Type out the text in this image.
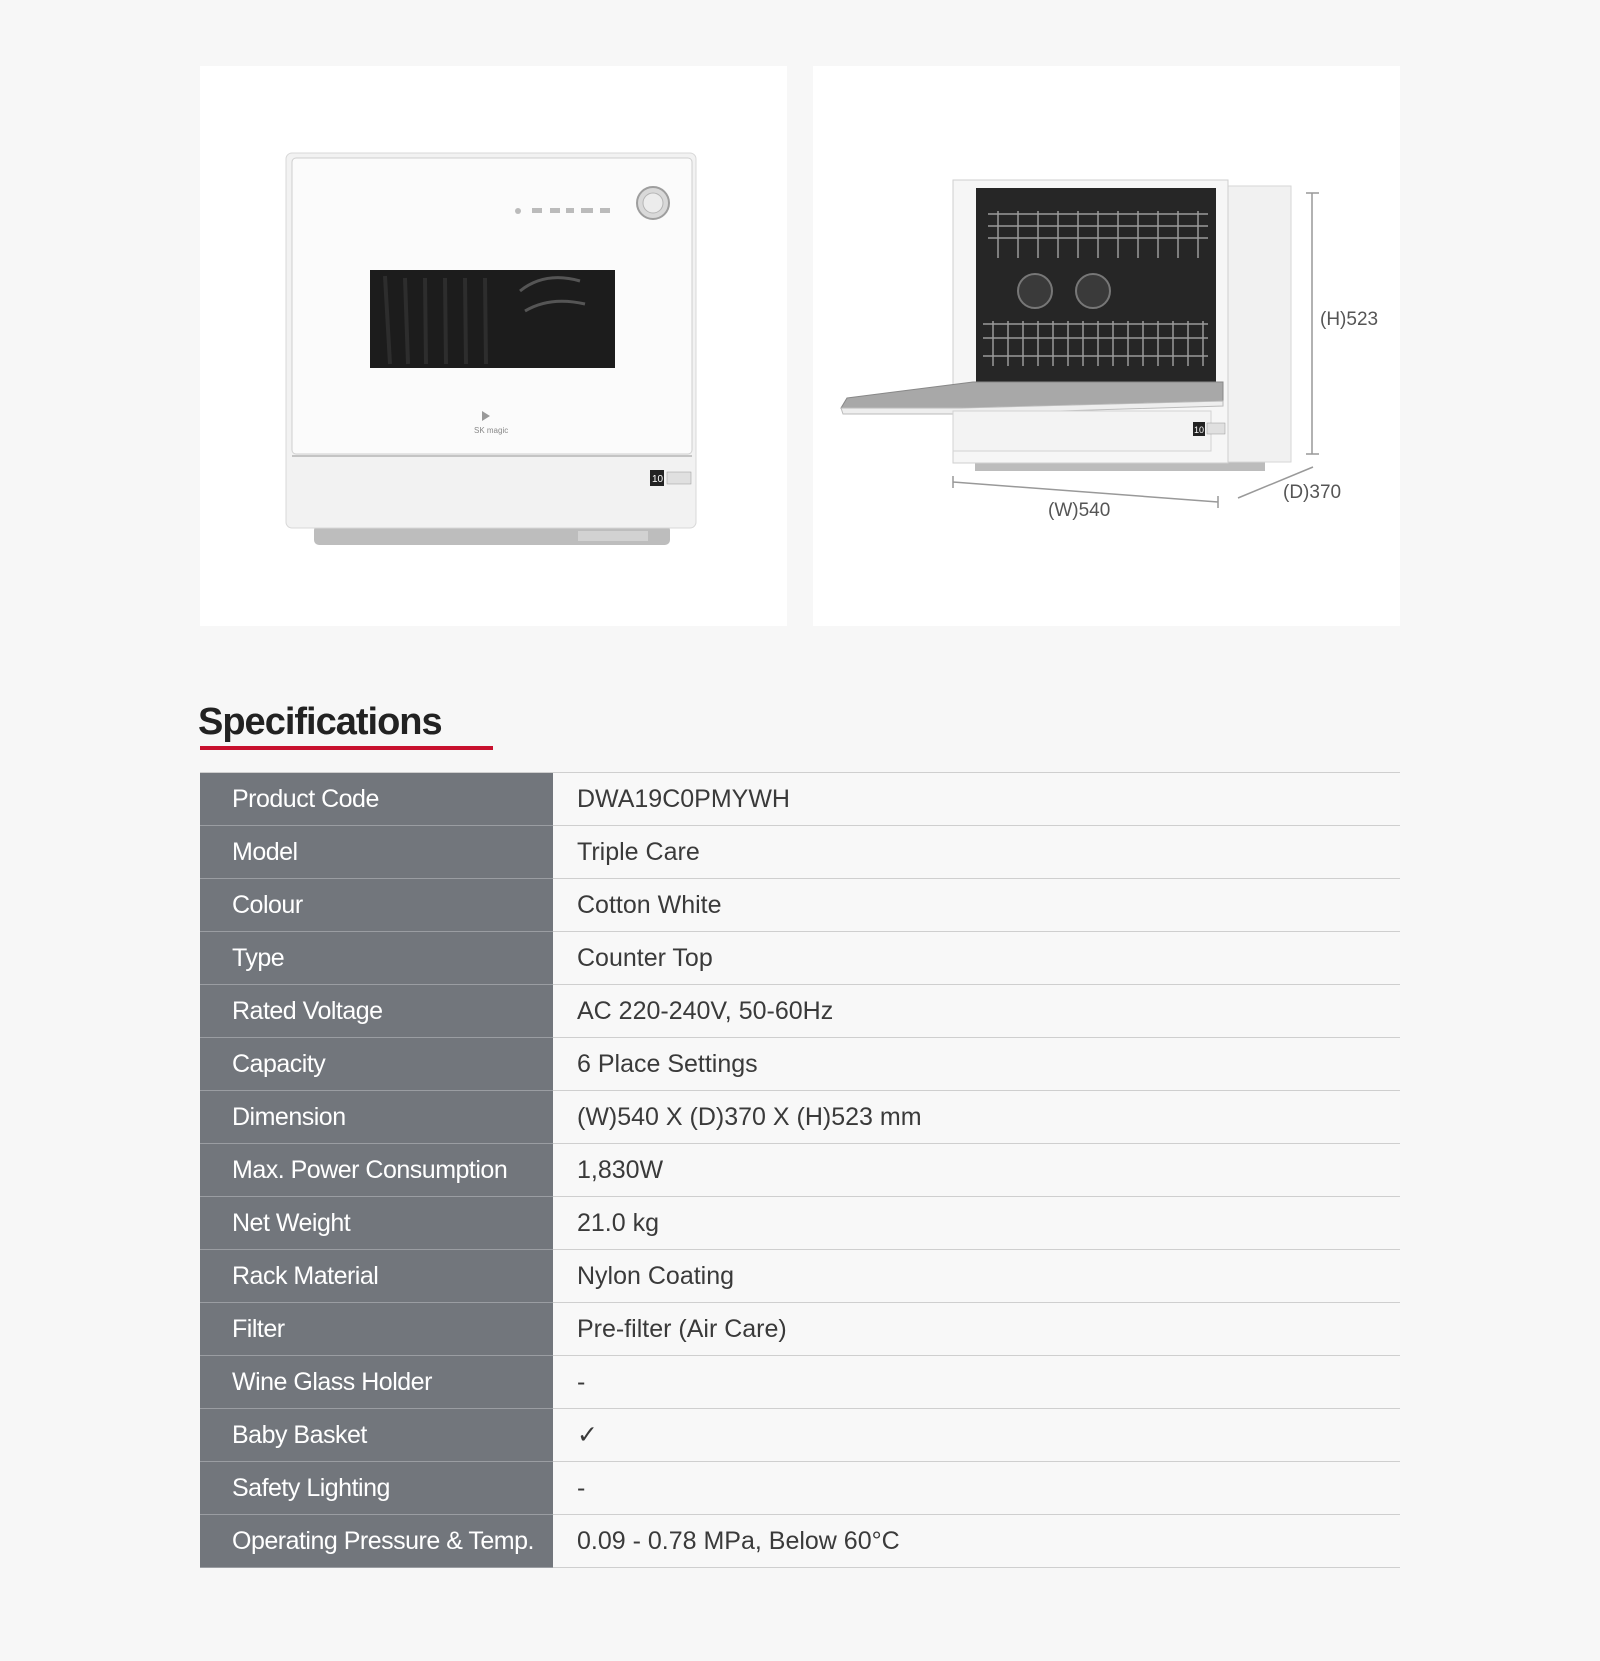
SK magic
10
10
(H)523
(W)540
(D)370
Specifications
Product Code	DWA19C0PMYWH
Model	Triple Care
Colour	Cotton White
Type	Counter Top
Rated Voltage	AC 220-240V, 50-60Hz
Capacity	6 Place Settings
Dimension	(W)540 X (D)370 X (H)523 mm
Max. Power Consumption	1,830W
Net Weight	21.0 kg
Rack Material	Nylon Coating
Filter	Pre-filter (Air Care)
Wine Glass Holder	-
Baby Basket	✓
Safety Lighting	-
Operating Pressure & Temp.	0.09 - 0.78 MPa, Below 60°C
